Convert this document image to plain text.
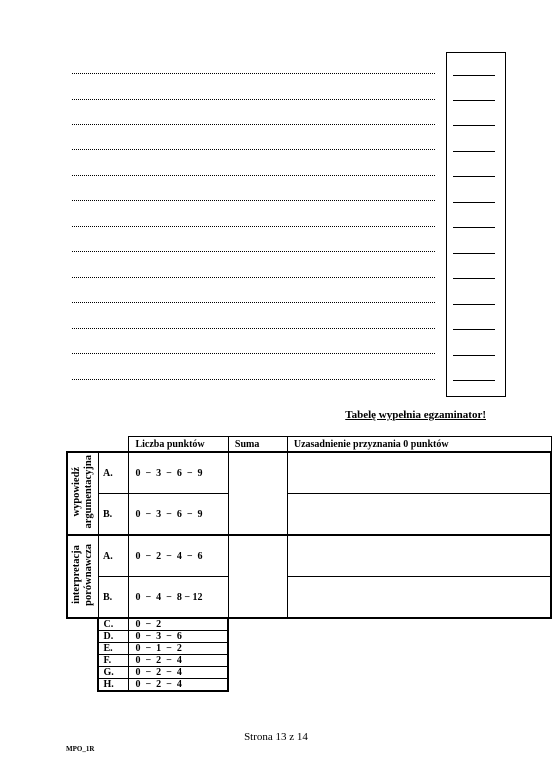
Tabelę wypełnia egzaminator!
		Liczba punktów	Suma	Uzasadnienie przyznania 0 punktów
wypowiedź
argumentacyjna	A.	0  −  3  −  6  −  9		
	B.	0  −  3  −  6  −  9		
interpretacja
porównawcza	A.	0  −  2  −  4  −  6		
	B.	0  −  4  −  8 − 12		
	C.	0  −  2		
	D.	0  −  3  −  6		
	E.	0  −  1  −  2		
	F.	0  −  2  −  4		
	G.	0  −  2  −  4		
	H.	0  −  2  −  4		
Strona 13 z 14
MPO_1R
